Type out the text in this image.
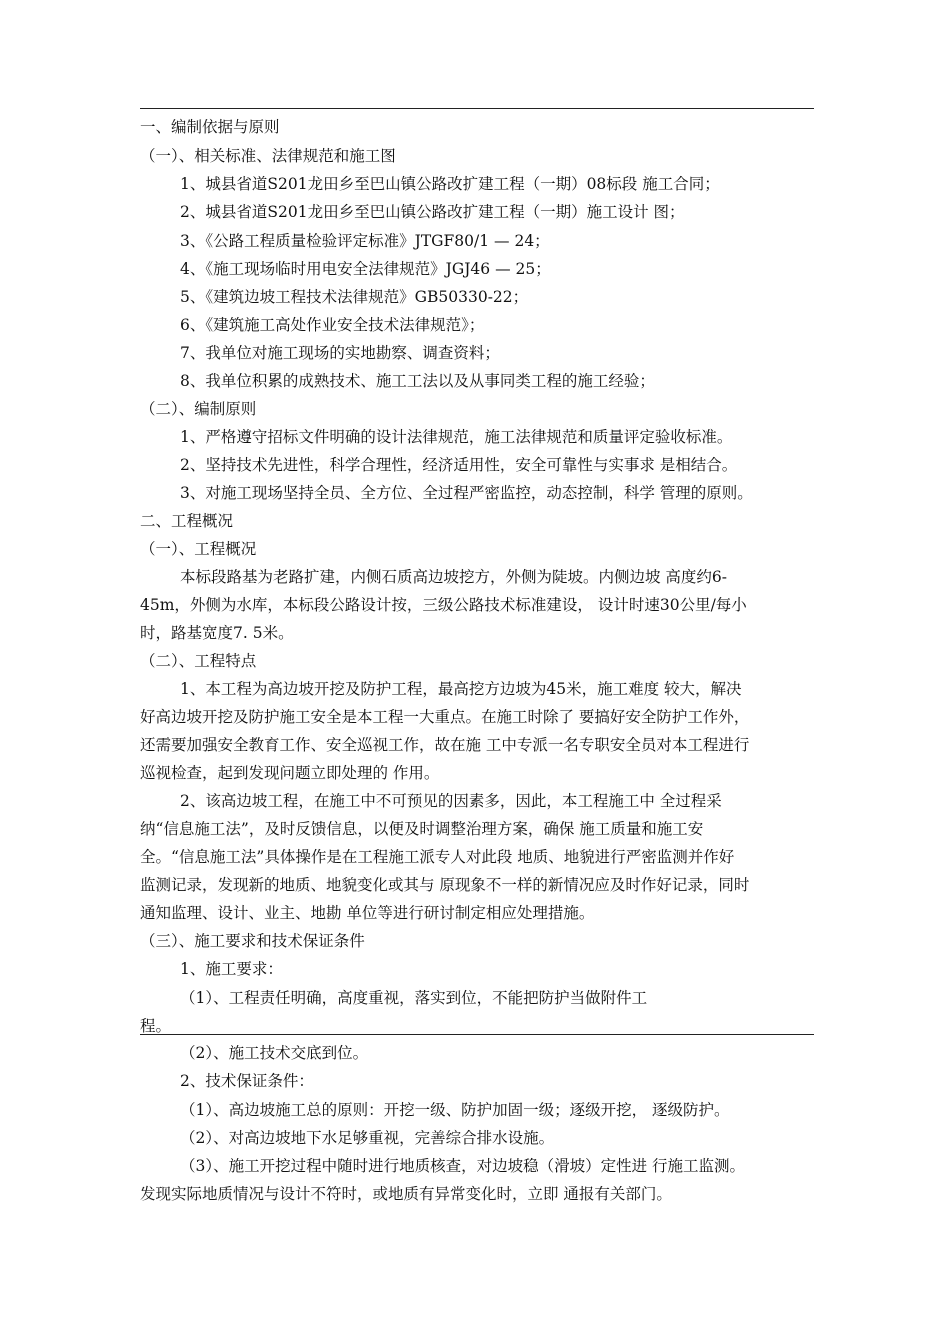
一、编制依据与原则
（一）、相关标准、法律规范和施工图
1、城县省道S201龙田乡至巴山镇公路改扩建工程（一期）08标段 施工合同；
2、城县省道S201龙田乡至巴山镇公路改扩建工程（一期）施工设计 图；
3、《公路工程质量检验评定标准》JTGF80/1 — 24；
4、《施工现场临时用电安全法律规范》JGJ46 — 25；
5、《建筑边坡工程技术法律规范》GB50330-22；
6、《建筑施工高处作业安全技术法律规范》；
7、我单位对施工现场的实地勘察、调查资料；
8、我单位积累的成熟技术、施工工法以及从事同类工程的施工经验；
（二）、编制原则
1、严格遵守招标文件明确的设计法律规范，施工法律规范和质量评定验收标准。
2、坚持技术先进性，科学合理性，经济适用性，安全可靠性与实事求 是相结合。
3、对施工现场坚持全员、全方位、全过程严密监控，动态控制，科学 管理的原则。
二、工程概况
（一）、工程概况
本标段路基为老路扩建，内侧石质高边坡挖方，外侧为陡坡。内侧边坡 高度约6-
45m，外侧为水库，本标段公路设计按，三级公路技术标准建设， 设计时速30公里/每小
时，路基宽度7. 5米。
（二）、工程特点
1、本工程为高边坡开挖及防护工程，最高挖方边坡为45米，施工难度 较大，解决
好高边坡开挖及防护施工安全是本工程一大重点。在施工时除了 要搞好安全防护工作外，
还需要加强安全教育工作、安全巡视工作，故在施 工中专派一名专职安全员对本工程进行
巡视检查，起到发现问题立即处理的 作用。
2、该高边坡工程，在施工中不可预见的因素多，因此，本工程施工中 全过程采
纳“信息施工法”，及时反馈信息，以便及时调整治理方案，确保 施工质量和施工安
全。“信息施工法”具体操作是在工程施工派专人对此段 地质、地貌进行严密监测并作好
监测记录，发现新的地质、地貌变化或其与 原现象不一样的新情况应及时作好记录，同时
通知监理、设计、业主、地勘 单位等进行研讨制定相应处理措施。
（三）、施工要求和技术保证条件
1、施工要求：
（1）、工程责任明确，高度重视，落实到位，不能把防护当做附件工
程。
（2）、施工技术交底到位。
2、技术保证条件：
（1）、高边坡施工总的原则：开挖一级、防护加固一级；逐级开挖， 逐级防护。
（2）、对高边坡地下水足够重视，完善综合排水设施。
（3）、施工开挖过程中随时进行地质核查，对边坡稳（滑坡）定性进 行施工监测。
发现实际地质情况与设计不符时，或地质有异常变化时，立即 通报有关部门。
